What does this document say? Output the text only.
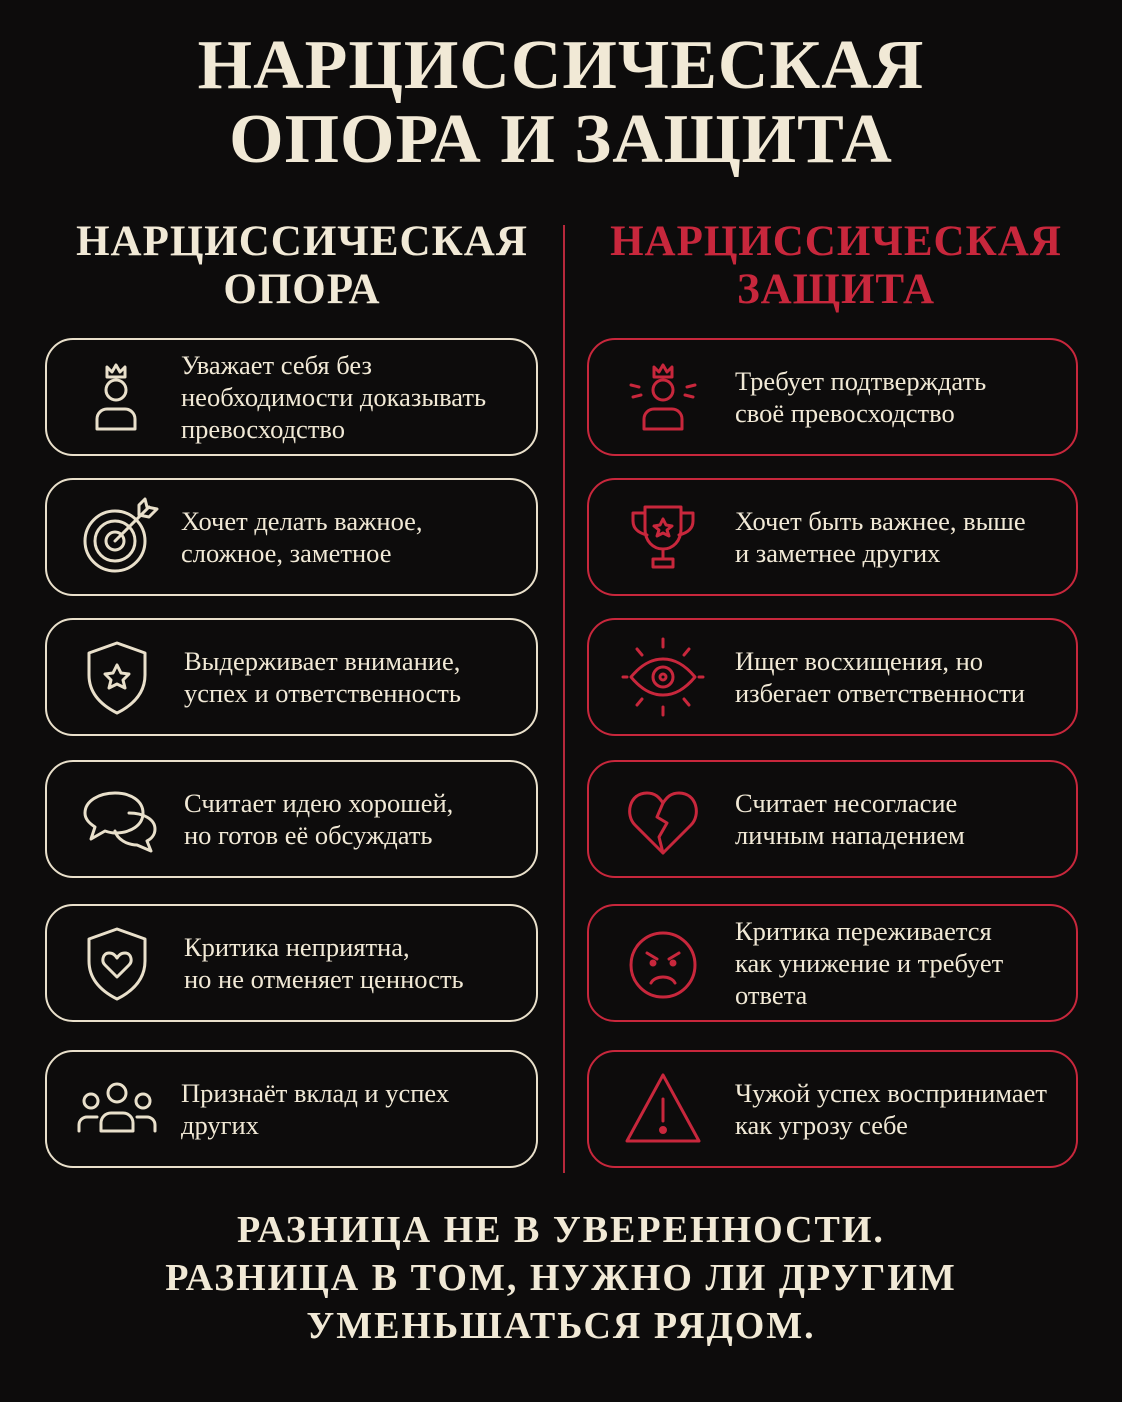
НАРЦИССИЧЕСКАЯ
ОПОРА И ЗАЩИТА
НАРЦИССИЧЕСКАЯ
ОПОРА
НАРЦИССИЧЕСКАЯ
ЗАЩИТА
Уважает себя без
необходимости доказывать
превосходство
Хочет делать важное,
сложное, заметное
Выдерживает внимание,
успех и ответственность
Считает идею хорошей,
но готов её обсуждать
Критика неприятна,
но не отменяет ценность
Признаёт вклад и успех
других
Требует подтверждать
своё превосходство
Хочет быть важнее, выше
и заметнее других
Ищет восхищения, но
избегает ответственности
Считает несогласие
личным нападением
Критика переживается
как унижение и требует
ответа
Чужой успех воспринимает
как угрозу себе
РАЗНИЦА НЕ В УВЕРЕННОСТИ.
РАЗНИЦА В ТОМ, НУЖНО ЛИ ДРУГИМ
УМЕНЬШАТЬСЯ РЯДОМ.
